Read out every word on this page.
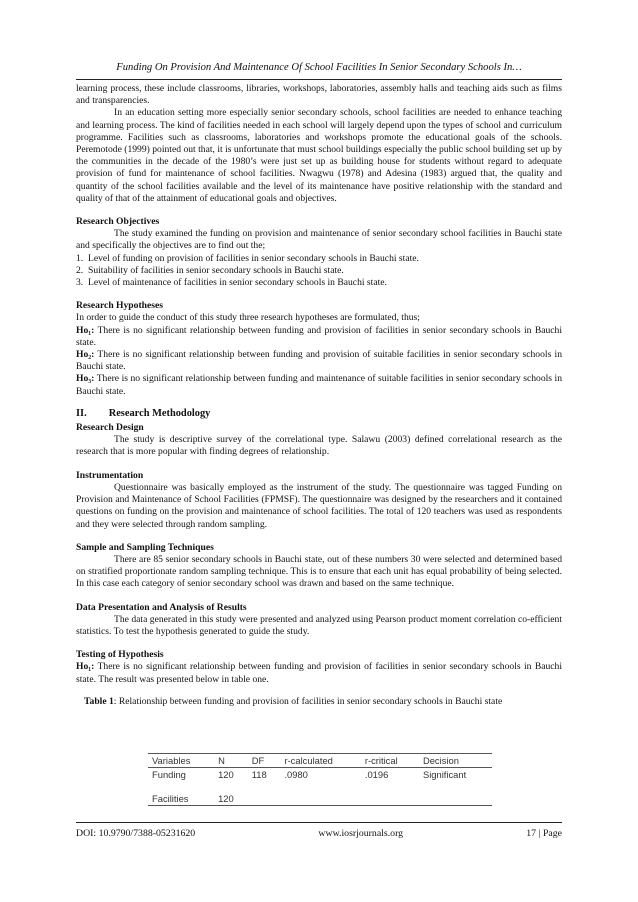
Funding On Provision And Maintenance Of School Facilities In Senior Secondary Schools In…

learning process, these include classrooms, libraries, workshops, laboratories, assembly halls and teaching aids such as films and transparencies.

In an education setting more especially senior secondary schools, school facilities are needed to enhance teaching and learning process. The kind of facilities needed in each school will largely depend upon the types of school and curriculum programme. Facilities such as classrooms, laboratories and workshops promote the educational goals of the schools. Peremotode (1999) pointed out that, it is unfortunate that must school buildings especially the public school building set up by the communities in the decade of the 1980’s were just set up as building house for students without regard to adequate provision of fund for maintenance of school facilities. Nwagwu (1978) and Adesina (1983) argued that, the quality and quantity of the school facilities available and the level of its maintenance have positive relationship with the standard and quality of that of the attainment of educational goals and objectives.

Research Objectives

The study examined the funding on provision and maintenance of senior secondary school facilities in Bauchi state and specifically the objectives are to find out the;

1. Level of funding on provision of facilities in senior secondary schools in Bauchi state.
2. Suitability of facilities in senior secondary schools in Bauchi state.
3. Level of maintenance of facilities in senior secondary schools in Bauchi state.

Research Hypotheses

In order to guide the conduct of this study three research hypotheses are formulated, thus;

Ho₁: There is no significant relationship between funding and provision of facilities in senior secondary schools in Bauchi state.

Ho₂: There is no significant relationship between funding and provision of suitable facilities in senior secondary schools in Bauchi state.

Ho₃: There is no significant relationship between funding and maintenance of suitable facilities in senior secondary schools in Bauchi state.

II. Research Methodology

Research Design

The study is descriptive survey of the correlational type. Salawu (2003) defined correlational research as the research that is more popular with finding degrees of relationship.

Instrumentation

Questionnaire was basically employed as the instrument of the study. The questionnaire was tagged Funding on Provision and Maintenance of School Facilities (FPMSF). The questionnaire was designed by the researchers and it contained questions on funding on the provision and maintenance of school facilities. The total of 120 teachers was used as respondents and they were selected through random sampling.

Sample and Sampling Techniques

There are 85 senior secondary schools in Bauchi state, out of these numbers 30 were selected and determined based on stratified proportionate random sampling technique. This is to ensure that each unit has equal probability of being selected. In this case each category of senior secondary school was drawn and based on the same technique.

Data Presentation and Analysis of Results

The data generated in this study were presented and analyzed using Pearson product moment correlation co-efficient statistics. To test the hypothesis generated to guide the study.

Testing of Hypothesis

Ho₁: There is no significant relationship between funding and provision of facilities in senior secondary schools in Bauchi state. The result was presented below in table one.

Table 1: Relationship between funding and provision of facilities in senior secondary schools in Bauchi state

Variables	N	DF	r-calculated	r-critical	Decision
Funding	120	118	.0980	.0196	Significant

Facilities	120				
DOI: 10.9790/7388-05231620	www.iosrjournals.org	17 | Page
